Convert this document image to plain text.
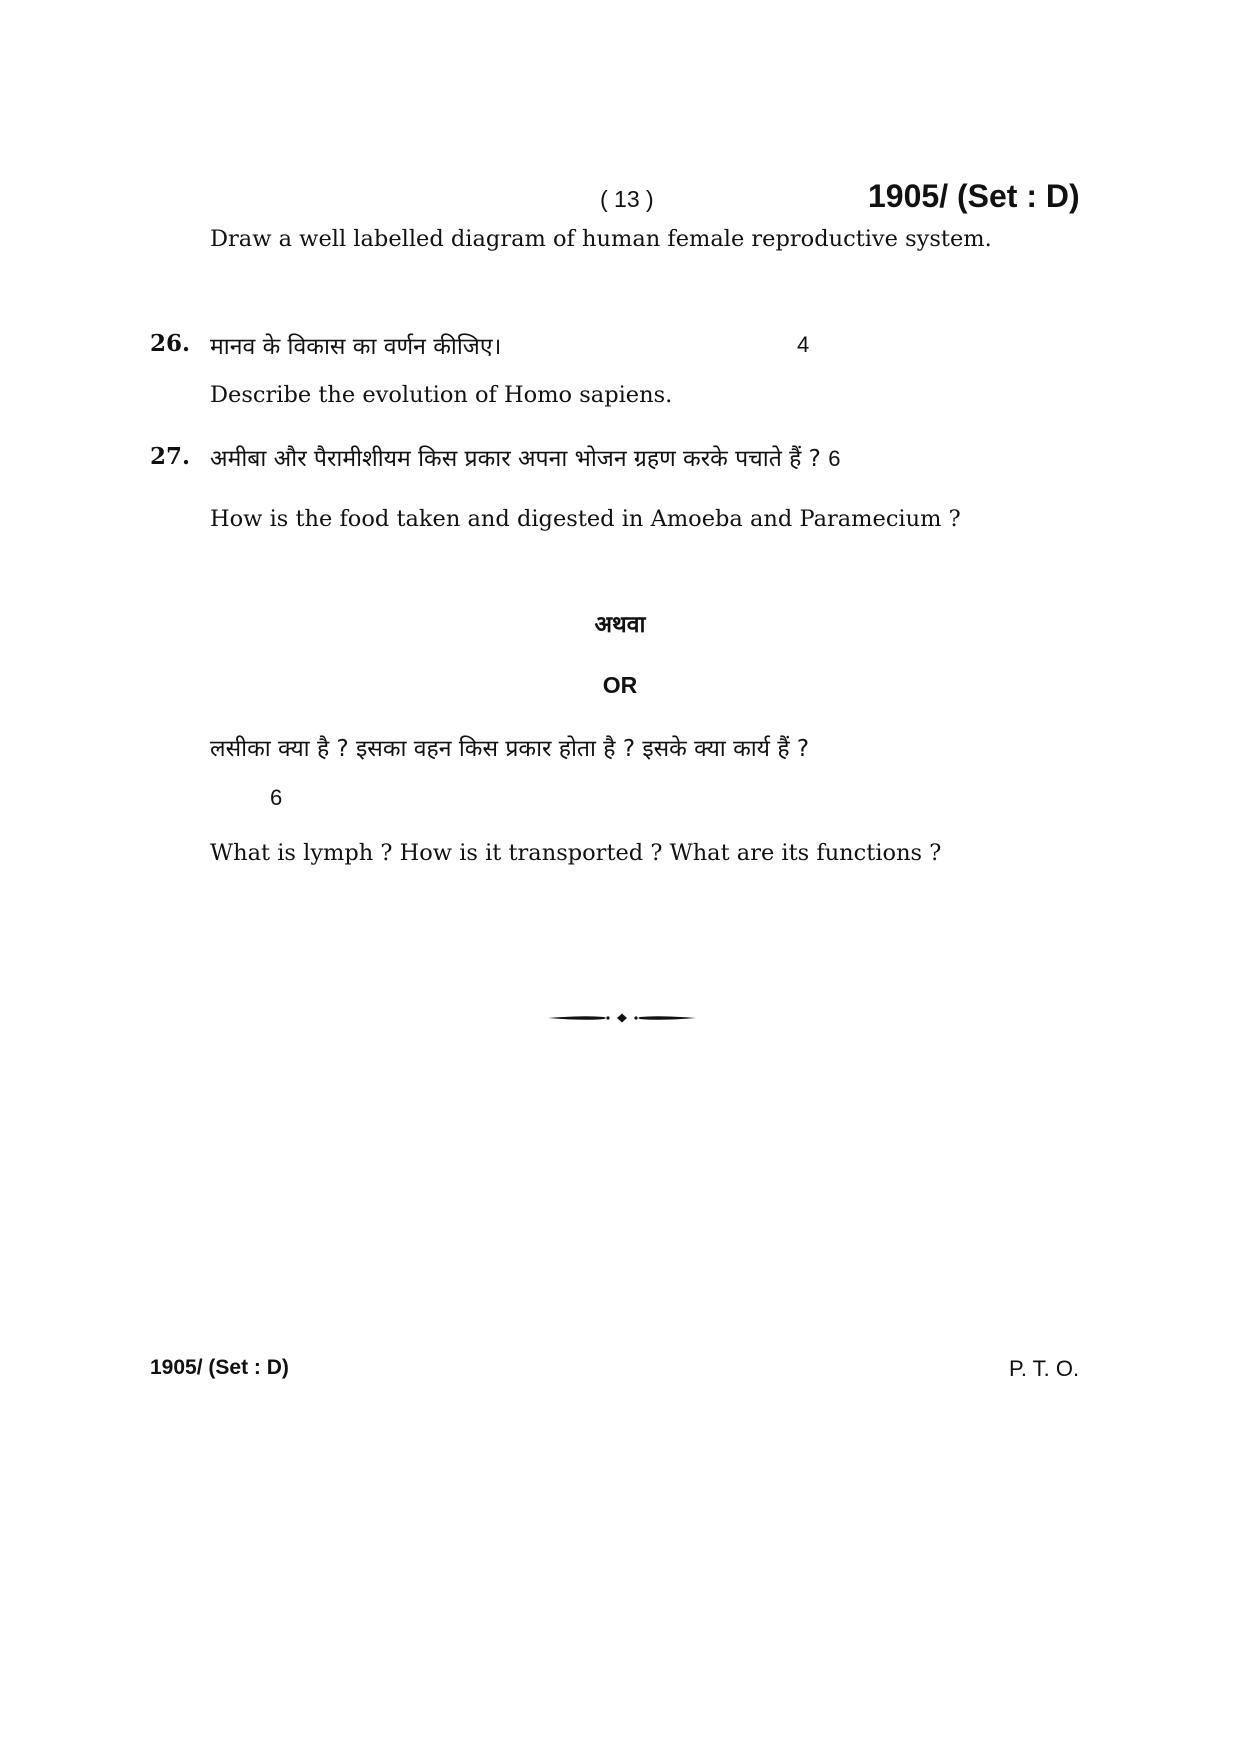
( 13 )	1905/ (Set : D)
Draw a well labelled diagram of human female reproductive system.
26. मानव के विकास का वर्णन कीजिए।	4
Describe the evolution of Homo sapiens.
27. अमीबा और पैरामीशीयम किस प्रकार अपना भोजन ग्रहण करके पचाते हैं ? 6
How is the food taken and digested in Amoeba and Paramecium ?
अथवा
OR
लसीका क्या है ? इसका वहन किस प्रकार होता है ? इसके क्या कार्य हैं ?
6
What is lymph ? How is it transported ? What are its functions ?
1905/ (Set : D)	P. T. O.
